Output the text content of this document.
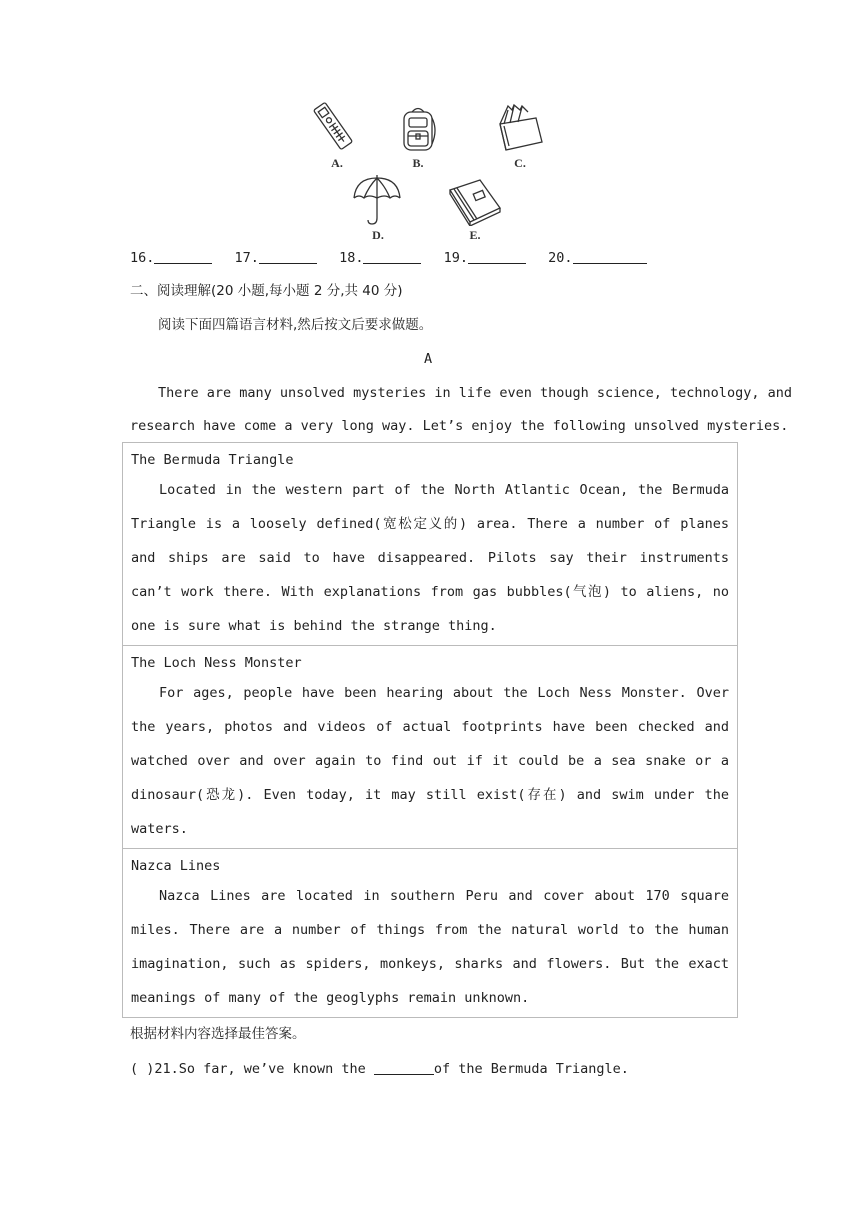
A.	B.	C.
D.	E.
16.	17.	18.	19.	20.
二、阅读理解(20 小题,每小题 2 分,共 40 分)
阅读下面四篇语言材料,然后按文后要求做题。
A
There are many unsolved mysteries in life even though science, technology, and
research have come a very long way. Let’s enjoy the following unsolved mysteries.
The Bermuda Triangle
Located in the western part of the North Atlantic Ocean, the Bermuda Triangle is a loosely defined(宽松定义的) area. There a number of planes and ships are said to have disappeared. Pilots say their instruments can’t work there. With explanations from gas bubbles(气泡) to aliens, no one is sure what is behind the strange thing.

The Loch Ness Monster
For ages, people have been hearing about the Loch Ness Monster. Over the years, photos and videos of actual footprints have been checked and watched over and over again to find out if it could be a sea snake or a dinosaur(恐龙). Even today, it may still exist(存在) and swim under the waters.

Nazca Lines
Nazca Lines are located in southern Peru and cover about 170 square miles. There are a number of things from the natural world to the human imagination, such as spiders, monkeys, sharks and flowers. But the exact meanings of many of the geoglyphs remain unknown.
根据材料内容选择最佳答案。
( )21.So far, we’ve known the	of the Bermuda Triangle.
